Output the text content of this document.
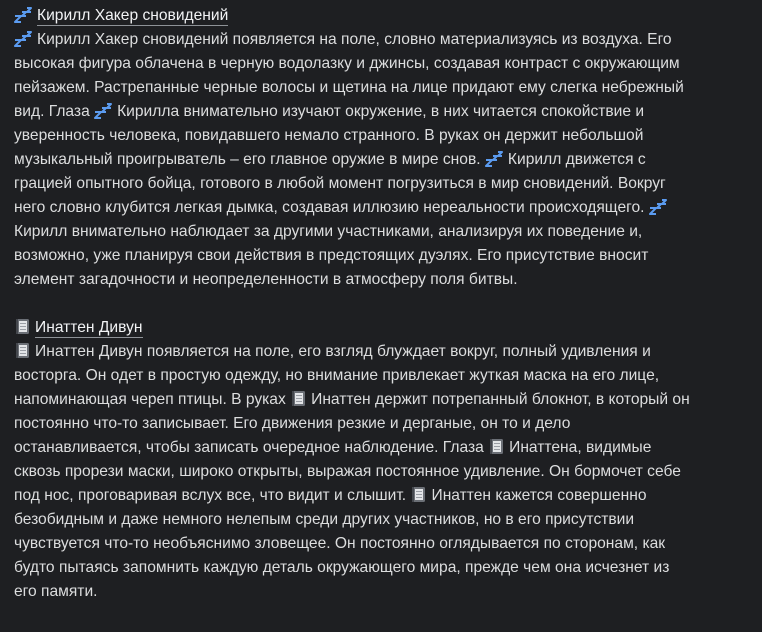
Кирилл Хакер сновидений
Кирилл Хакер сновидений появляется на поле, словно материализуясь из воздуха. Его
высокая фигура облачена в черную водолазку и джинсы, создавая контраст с окружающим
пейзажем. Растрепанные черные волосы и щетина на лице придают ему слегка небрежный
вид. Глаза Кирилла внимательно изучают окружение, в них читается спокойствие и
уверенность человека, повидавшего немало странного. В руках он держит небольшой
музыкальный проигрыватель – его главное оружие в мире снов. Кирилл движется с
грацией опытного бойца, готового в любой момент погрузиться в мир сновидений. Вокруг
него словно клубится легкая дымка, создавая иллюзию нереальности происходящего.
Кирилл внимательно наблюдает за другими участниками, анализируя их поведение и,
возможно, уже планируя свои действия в предстоящих дуэлях. Его присутствие вносит
элемент загадочности и неопределенности в атмосферу поля битвы.
Инаттен Дивун
Инаттен Дивун появляется на поле, его взгляд блуждает вокруг, полный удивления и
восторга. Он одет в простую одежду, но внимание привлекает жуткая маска на его лице,
напоминающая череп птицы. В руках Инаттен держит потрепанный блокнот, в который он
постоянно что-то записывает. Его движения резкие и дерганые, он то и дело
останавливается, чтобы записать очередное наблюдение. Глаза Инаттена, видимые
сквозь прорези маски, широко открыты, выражая постоянное удивление. Он бормочет себе
под нос, проговаривая вслух все, что видит и слышит. Инаттен кажется совершенно
безобидным и даже немного нелепым среди других участников, но в его присутствии
чувствуется что-то необъяснимо зловещее. Он постоянно оглядывается по сторонам, как
будто пытаясь запомнить каждую деталь окружающего мира, прежде чем она исчезнет из
его памяти.
